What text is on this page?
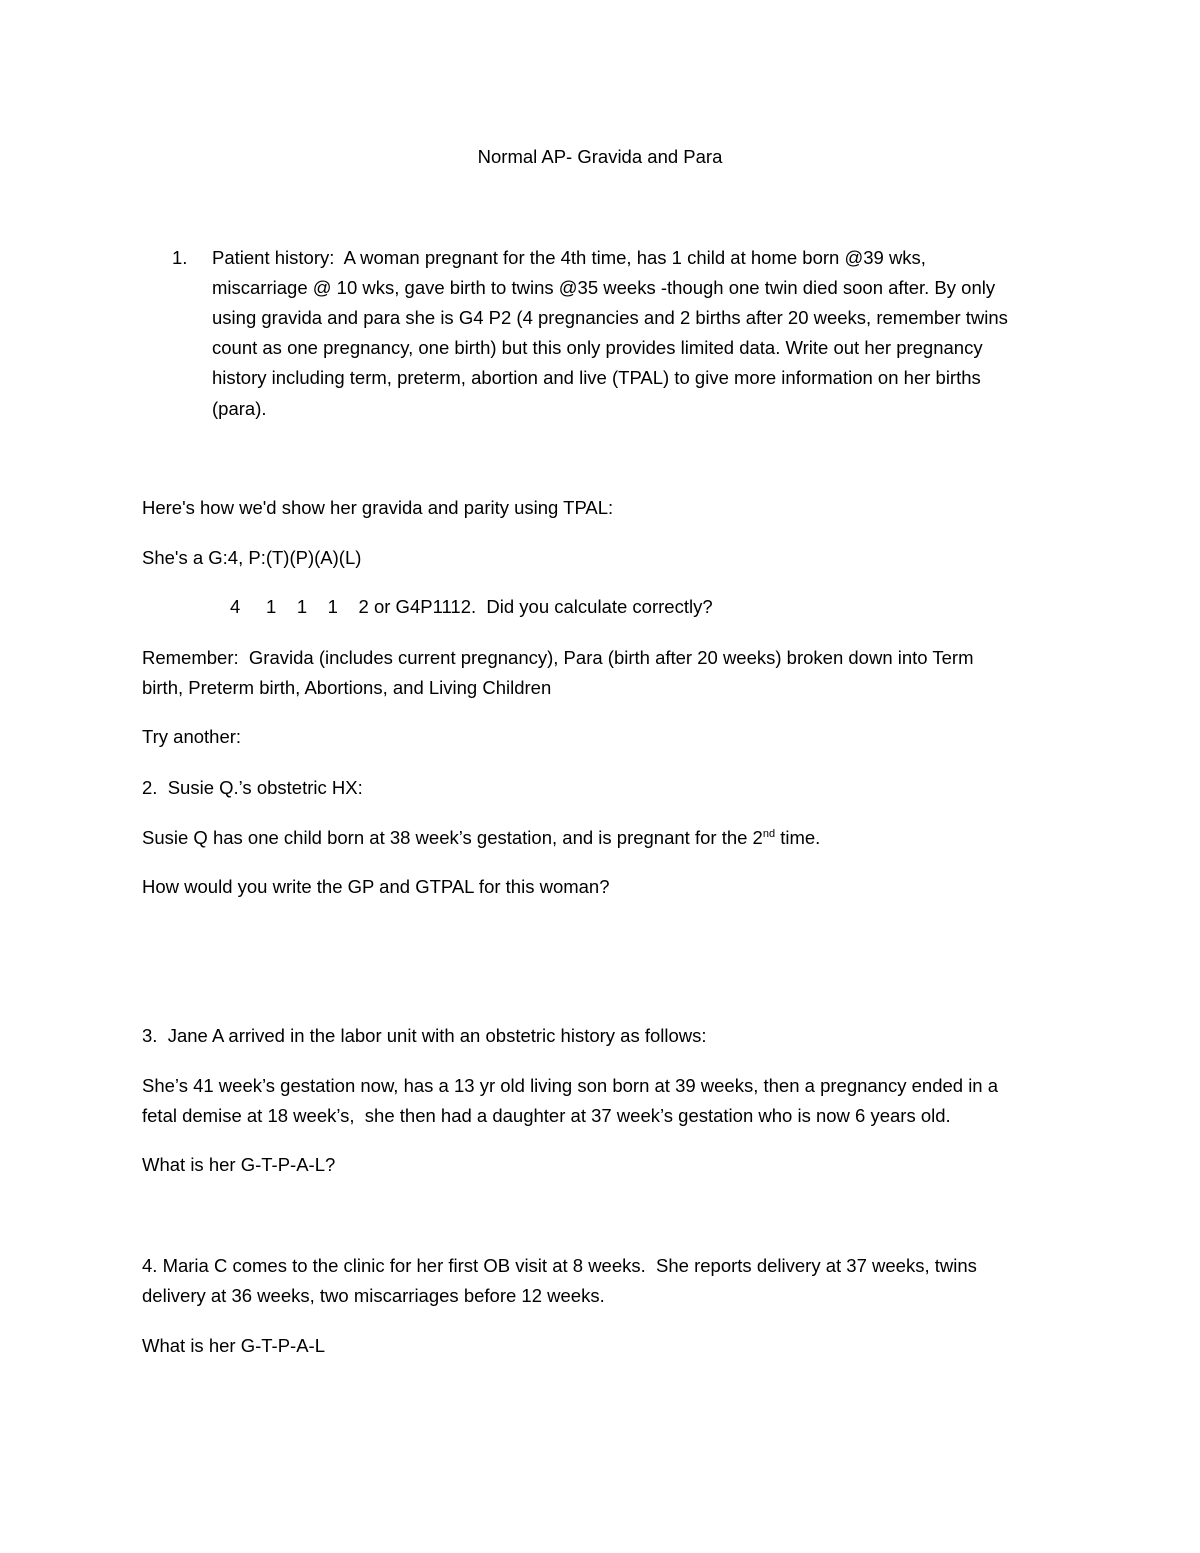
Normal AP- Gravida and Para
1. Patient history:  A woman pregnant for the 4th time, has 1 child at home born @39 wks,
miscarriage @ 10 wks, gave birth to twins @35 weeks -though one twin died soon after. By only
using gravida and para she is G4 P2 (4 pregnancies and 2 births after 20 weeks, remember twins
count as one pregnancy, one birth) but this only provides limited data. Write out her pregnancy
history including term, preterm, abortion and live (TPAL) to give more information on her births
(para).
Here's how we'd show her gravida and parity using TPAL:
She's a G:4, P:(T)(P)(A)(L)
4     1    1    1    2 or G4P1112.  Did you calculate correctly?
Remember:  Gravida (includes current pregnancy), Para (birth after 20 weeks) broken down into Term
birth, Preterm birth, Abortions, and Living Children
Try another:
2.  Susie Q.’s obstetric HX:
Susie Q has one child born at 38 week’s gestation, and is pregnant for the 2nd time.
How would you write the GP and GTPAL for this woman?
3.  Jane A arrived in the labor unit with an obstetric history as follows:
She’s 41 week’s gestation now, has a 13 yr old living son born at 39 weeks, then a pregnancy ended in a
fetal demise at 18 week’s,  she then had a daughter at 37 week’s gestation who is now 6 years old.
What is her G-T-P-A-L?
4. Maria C comes to the clinic for her first OB visit at 8 weeks.  She reports delivery at 37 weeks, twins
delivery at 36 weeks, two miscarriages before 12 weeks.
What is her G-T-P-A-L
